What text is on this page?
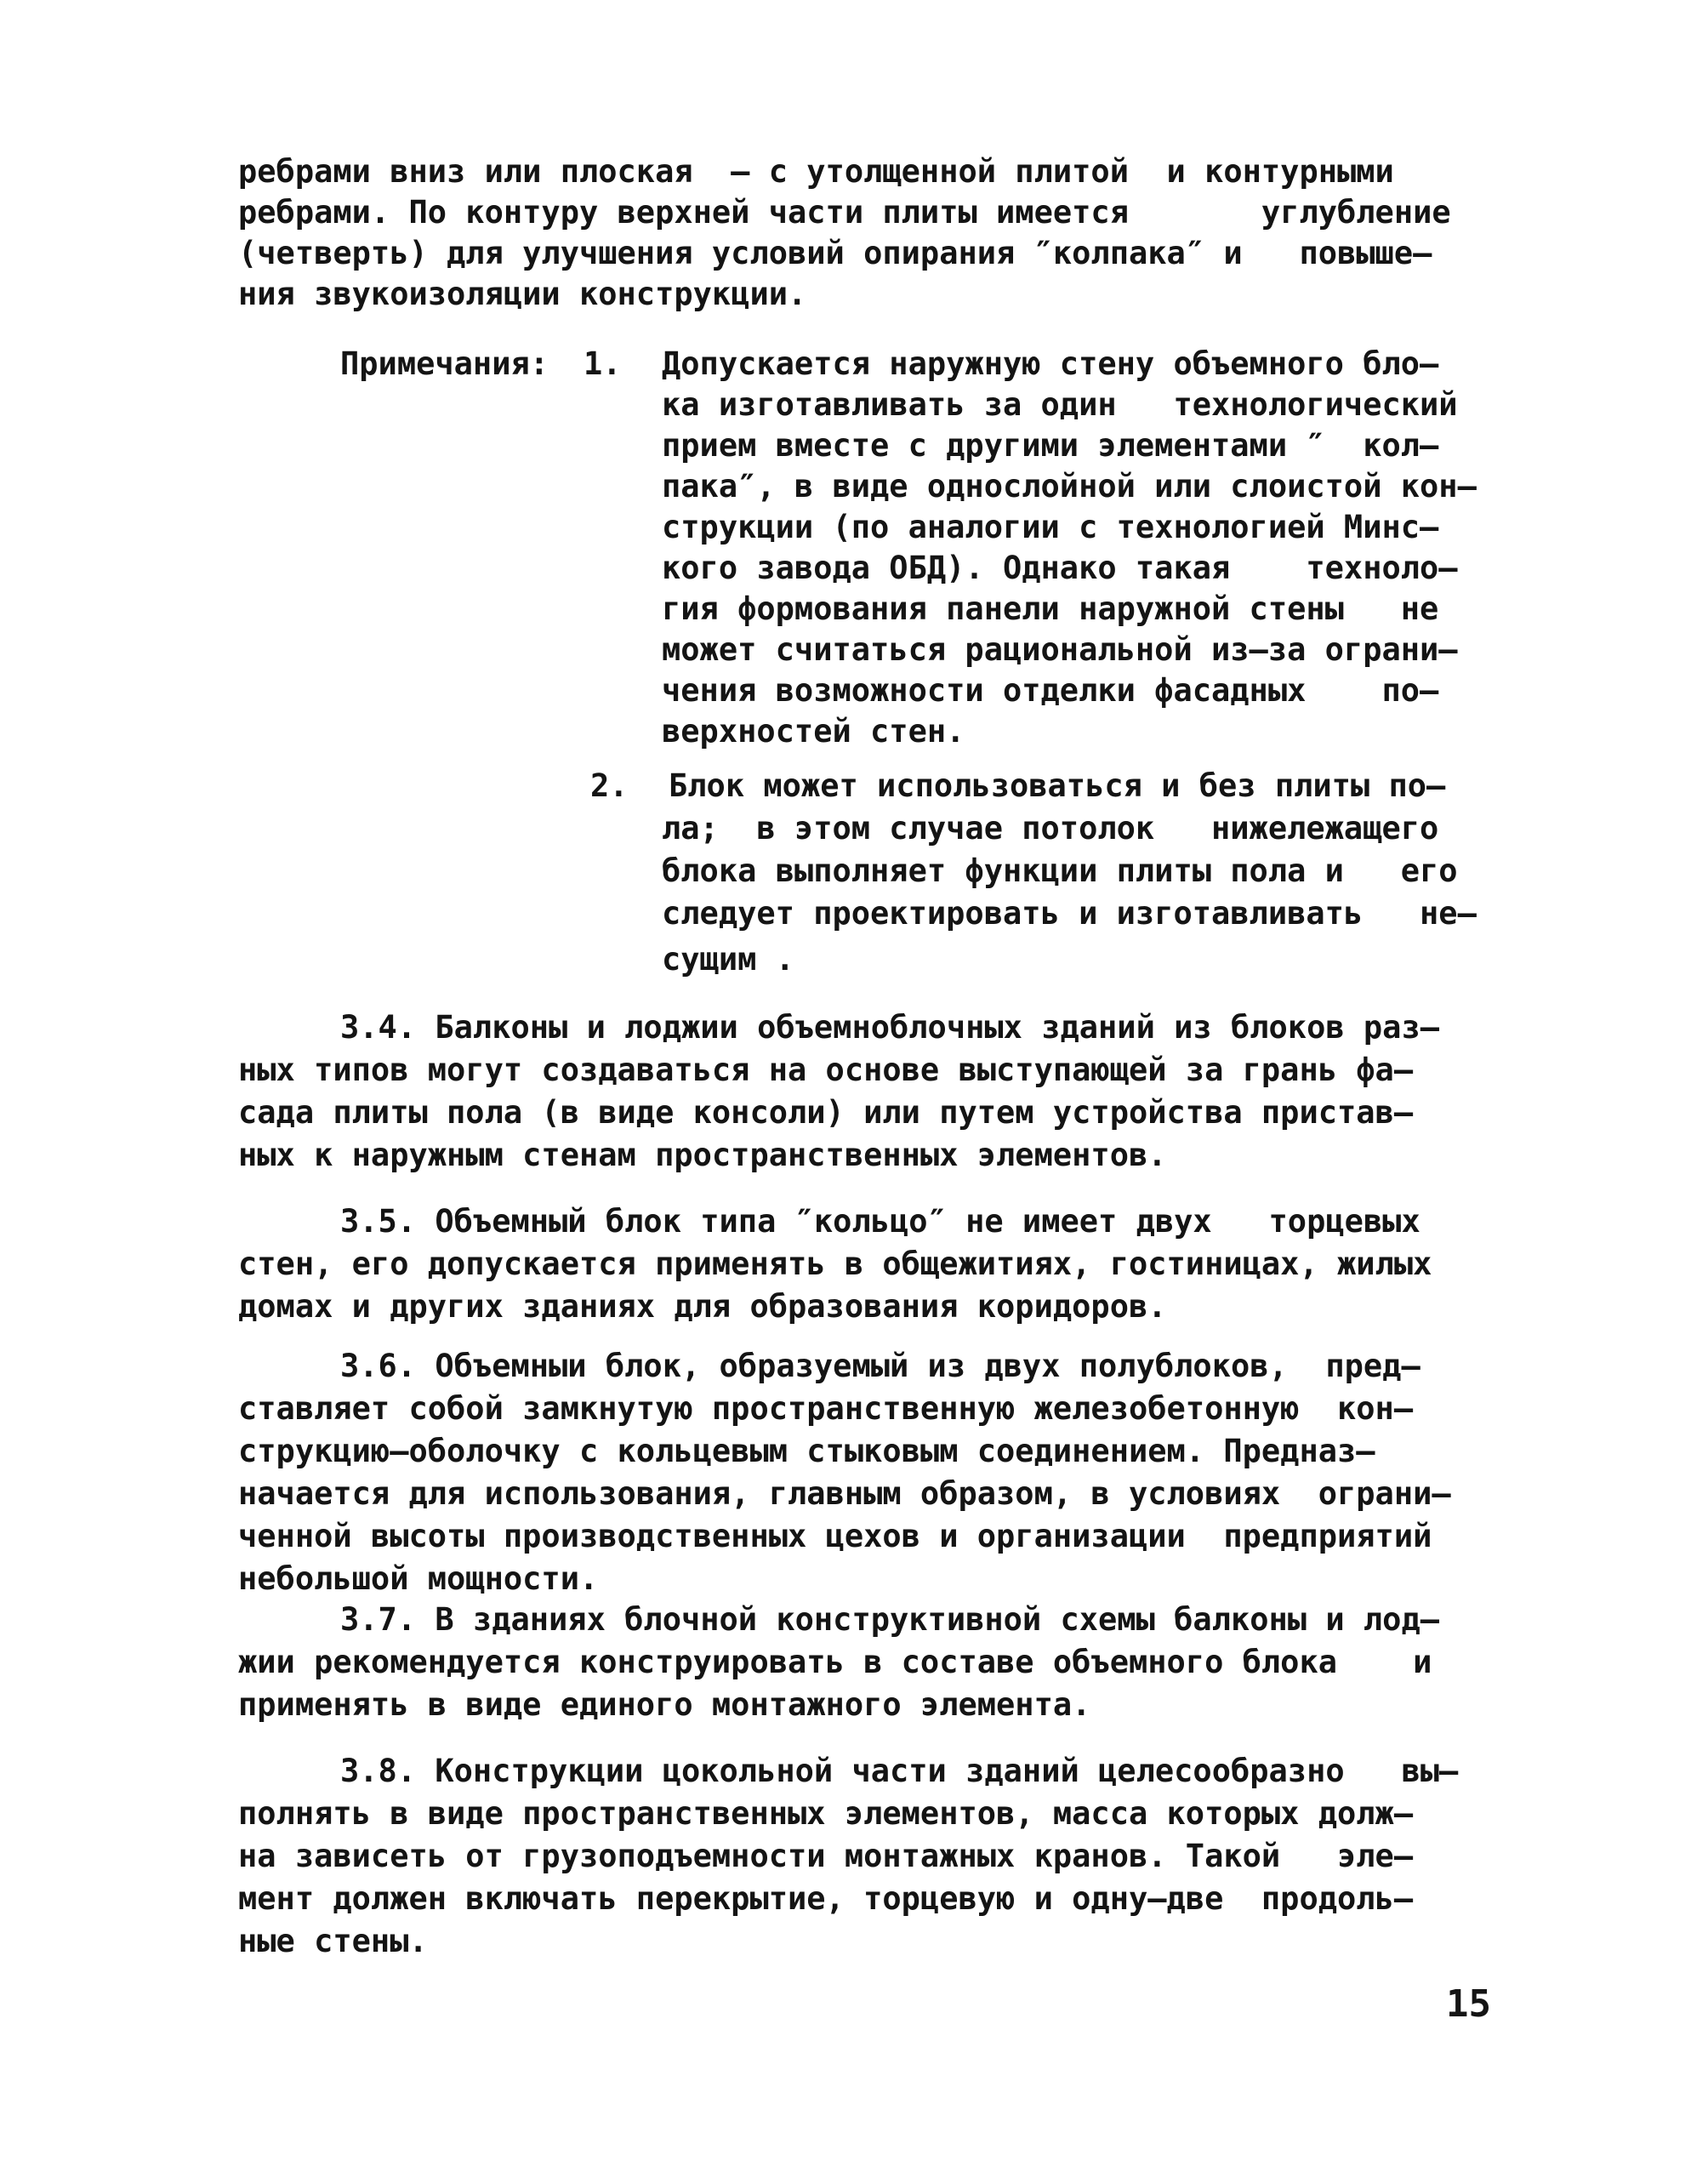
ребрами вниз или плоская  – с утолщенной плитой  и контурными
ребрами. По контуру верхней части плиты имеется       углубление
(четверть) для улучшения условий опирания ″колпака″ и   повыше–
ния звукоизоляции конструкции.
Примечания: 1. Допускается наружную стену объемного бло–
ка изготавливать за один   технологический
прием вместе с другими элементами ″  кол–
пака″, в виде однослойной или слоистой кон–
струкции (по аналогии с технологией Минс–
кого завода ОБД). Однако такая    техноло–
гия формования панели наружной стены   не
может считаться рациональной из–за ограни–
чения возможности отделки фасадных    по–
верхностей стен.
2. Блок может использоваться и без плиты по–
ла;  в этом случае потолок   нижележащего
блока выполняет функции плиты пола и   его
следует проектировать и изготавливать   не–
сущим .
3.4. Балконы и лоджии объемноблочных зданий из блоков раз–
ных типов могут создаваться на основе выступающей за грань фа–
сада плиты пола (в виде консоли) или путем устройства пристав–
ных к наружным стенам пространственных элементов.
3.5. Объемный блок типа ″кольцо″ не имеет двух   торцевых
стен, его допускается применять в общежитиях, гостиницах, жилых
домах и других зданиях для образования коридоров.
3.6. Объемныи блок, образуемый из двух полублоков,  пред–
ставляет собой замкнутую пространственную железобетонную  кон–
струкцию–оболочку с кольцевым стыковым соединением. Предназ–
начается для использования, главным образом, в условиях  ограни–
ченной высоты производственных цехов и организации  предприятий
небольшой мощности.
3.7. В зданиях блочной конструктивной схемы балконы и лод–
жии рекомендуется конструировать в составе объемного блока    и
применять в виде единого монтажного элемента.
3.8. Конструкции цокольной части зданий целесообразно   вы–
полнять в виде пространственных элементов, масса которых долж–
на зависеть от грузоподъемности монтажных кранов. Такой   эле–
мент должен включать перекрытие, торцевую и одну–две  продоль–
ные стены.
15
